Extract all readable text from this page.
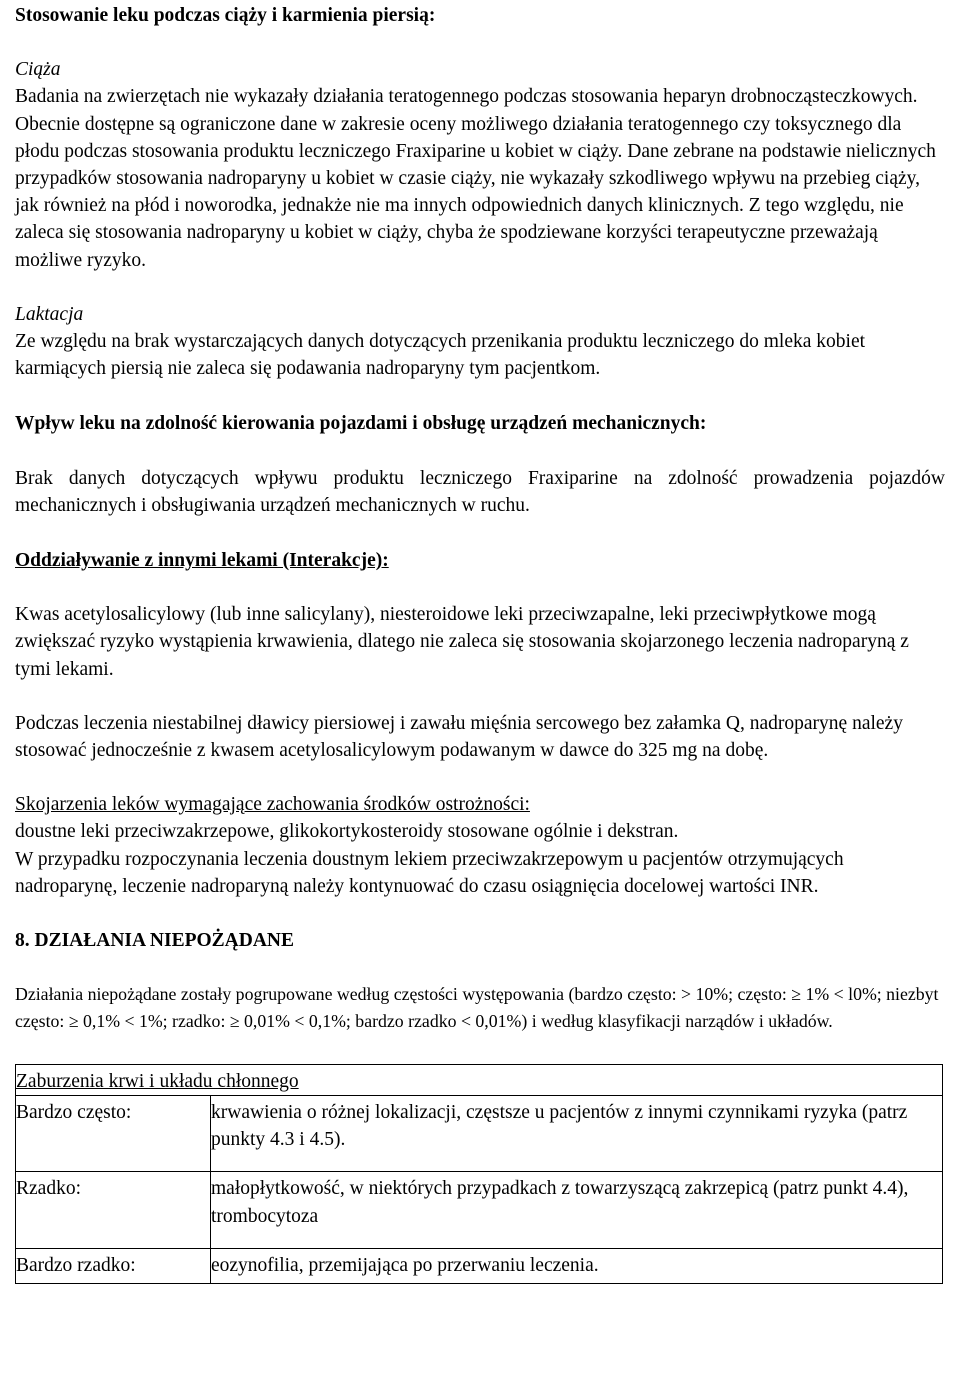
Stosowanie leku podczas ciąży i karmienia piersią:

Ciąża

Badania na zwierzętach nie wykazały działania teratogennego podczas stosowania heparyn drobnocząsteczkowych. Obecnie dostępne są ograniczone dane w zakresie oceny możliwego działania teratogennego czy toksycznego dla płodu podczas stosowania produktu leczniczego Fraxiparine u kobiet w ciąży. Dane zebrane na podstawie nielicznych przypadków stosowania nadroparyny u kobiet w czasie ciąży, nie wykazały szkodliwego wpływu na przebieg ciąży, jak również na płód i noworodka, jednakże nie ma innych odpowiednich danych klinicznych. Z tego względu, nie zaleca się stosowania nadroparyny u kobiet w ciąży, chyba że spodziewane korzyści terapeutyczne przeważają możliwe ryzyko.

Laktacja

Ze względu na brak wystarczających danych dotyczących przenikania produktu leczniczego do mleka kobiet karmiących piersią nie zaleca się podawania nadroparyny tym pacjentkom.

Wpływ leku na zdolność kierowania pojazdami i obsługę urządzeń mechanicznych:

Brak danych dotyczących wpływu produktu leczniczego Fraxiparine na zdolność prowadzenia pojazdów mechanicznych i obsługiwania urządzeń mechanicznych w ruchu.

Oddziaływanie z innymi lekami (Interakcje):

Kwas acetylosalicylowy (lub inne salicylany), niesteroidowe leki przeciwzapalne, leki przeciwpłytkowe mogą zwiększać ryzyko wystąpienia krwawienia, dlatego nie zaleca się stosowania skojarzonego leczenia nadroparyną z tymi lekami.

Podczas leczenia niestabilnej dławicy piersiowej i zawału mięśnia sercowego bez załamka Q, nadroparynę należy stosować jednocześnie z kwasem acetylosalicylowym podawanym w dawce do 325 mg na dobę.

Skojarzenia leków wymagające zachowania środków ostrożności:

doustne leki przeciwzakrzepowe, glikokortykosteroidy stosowane ogólnie i dekstran.

W przypadku rozpoczynania leczenia doustnym lekiem przeciwzakrzepowym u pacjentów otrzymujących nadroparynę, leczenie nadroparyną należy kontynuować do czasu osiągnięcia docelowej wartości INR.

8. DZIAŁANIA NIEPOŻĄDANE

Działania niepożądane zostały pogrupowane według częstości występowania (bardzo często: > 10%; często: ≥ 1% < l0%; niezbyt często: ≥ 0,1% < 1%; rzadko: ≥ 0,01% < 0,1%; bardzo rzadko < 0,01%) i według klasyfikacji narządów i układów.

Zaburzenia krwi i układu chłonnego	
Bardzo często:	krwawienia o różnej lokalizacji, częstsze u pacjentów z innymi czynnikami ryzyka (patrz punkty 4.3 i 4.5).
Rzadko:	małopłytkowość, w niektórych przypadkach z towarzyszącą zakrzepicą (patrz punkt 4.4), trombocytoza
Bardzo rzadko:	eozynofilia, przemijająca po przerwaniu leczenia.
